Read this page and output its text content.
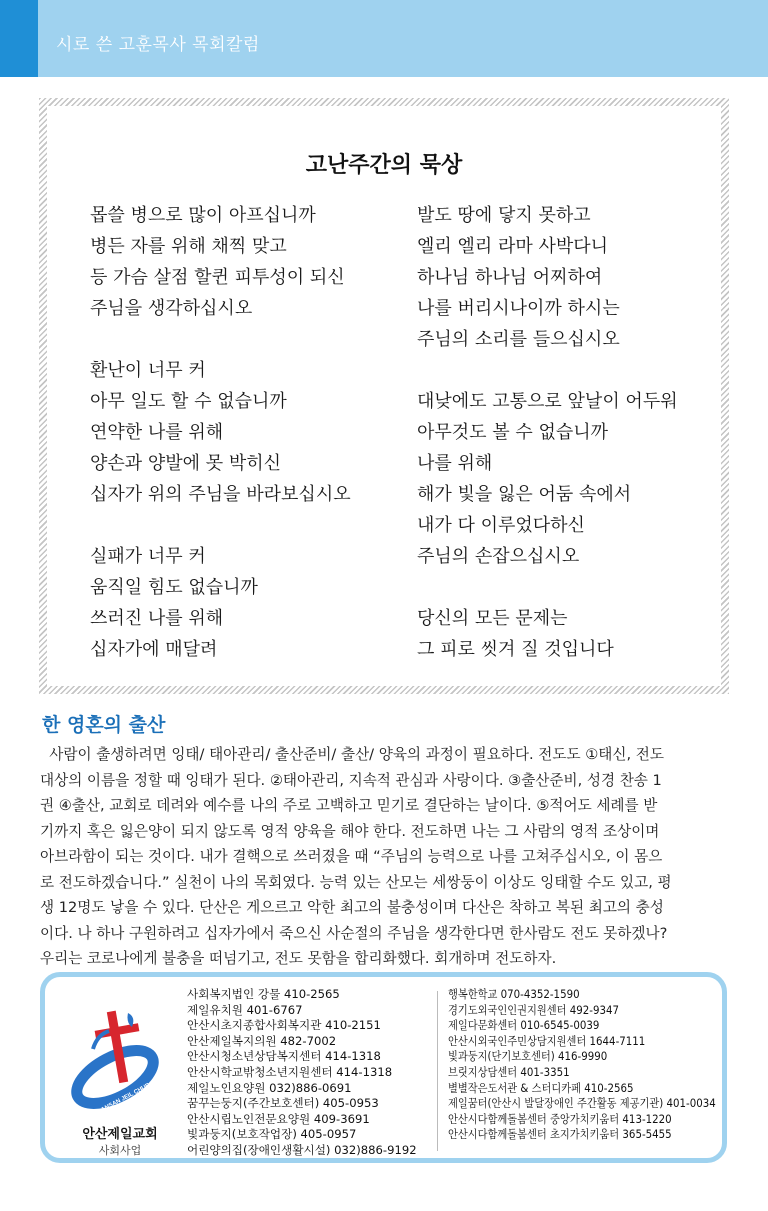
시로 쓴 고훈목사 목회칼럼
고난주간의 묵상
몹쓸 병으로 많이 아프십니까
병든 자를 위해 채찍 맞고
등 가슴 살점 할퀸 피투성이 되신
주님을 생각하십시오
환난이 너무 커
아무 일도 할 수 없습니까
연약한 나를 위해
양손과 양발에 못 박히신
십자가 위의 주님을 바라보십시오
실패가 너무 커
움직일 힘도 없습니까
쓰러진 나를 위해
십자가에 매달려
발도 땅에 닿지 못하고
엘리 엘리 라마 사박다니
하나님 하나님 어찌하여
나를 버리시나이까 하시는
주님의 소리를 들으십시오
대낮에도 고통으로 앞날이 어두워
아무것도 볼 수 없습니까
나를 위해
해가 빛을 잃은 어둠 속에서
내가 다 이루었다하신
주님의 손잡으십시오
당신의 모든 문제는
그 피로 씻겨 질 것입니다
한 영혼의 출산
사람이 출생하려면 잉태/ 태아관리/ 출산준비/ 출산/ 양육의 과정이 필요하다. 전도도 ①태신, 전도
대상의 이름을 정할 때 잉태가 된다. ②태아관리, 지속적 관심과 사랑이다. ③출산준비, 성경 찬송 1
권 ④출산, 교회로 데려와 예수를 나의 주로 고백하고 믿기로 결단하는 날이다. ⑤적어도 세례를 받
기까지 혹은 잃은양이 되지 않도록 영적 양육을 해야 한다. 전도하면 나는 그 사람의 영적 조상이며
아브라함이 되는 것이다. 내가 결핵으로 쓰러졌을 때 “주님의 능력으로 나를 고쳐주십시오, 이 몸으
로 전도하겠습니다.” 실천이 나의 목회였다. 능력 있는 산모는 세쌍둥이 이상도 잉태할 수도 있고, 평
생 12명도 낳을 수 있다. 단산은 게으르고 악한 최고의 불충성이며 다산은 착하고 복된 최고의 충성
이다. 나 하나 구원하려고 십자가에서 죽으신 사순절의 주님을 생각한다면 한사람도 전도 못하겠나?
우리는 코로나에게 불충을 떠넘기고, 전도 못함을 합리화했다. 회개하며 전도하자.
ANSAN JEIL CHURCH
안산제일교회
사회사업
사회복지법인 강물 410-2565
제일유치원 401-6767
안산시초지종합사회복지관 410-2151
안산제일복지의원 482-7002
안산시청소년상담복지센터 414-1318
안산시학교밖청소년지원센터 414-1318
제일노인요양원 032)886-0691
꿈꾸는둥지(주간보호센터) 405-0953
안산시립노인전문요양원 409-3691
빛과둥지(보호작업장) 405-0957
어린양의집(장애인생활시설) 032)886-9192
행복한학교 070-4352-1590
경기도외국인인권지원센터 492-9347
제일다문화센터 010-6545-0039
안산시외국인주민상담지원센터 1644-7111
빛과둥지(단기보호센터) 416-9990
브릿지상담센터 401-3351
별별작은도서관 & 스터디카페 410-2565
제일꿈터(안산시 발달장애인 주간활동 제공기관) 401-0034
안산시다함께돌봄센터 중앙가치키움터 413-1220
안산시다함께돌봄센터 초지가치키움터 365-5455
